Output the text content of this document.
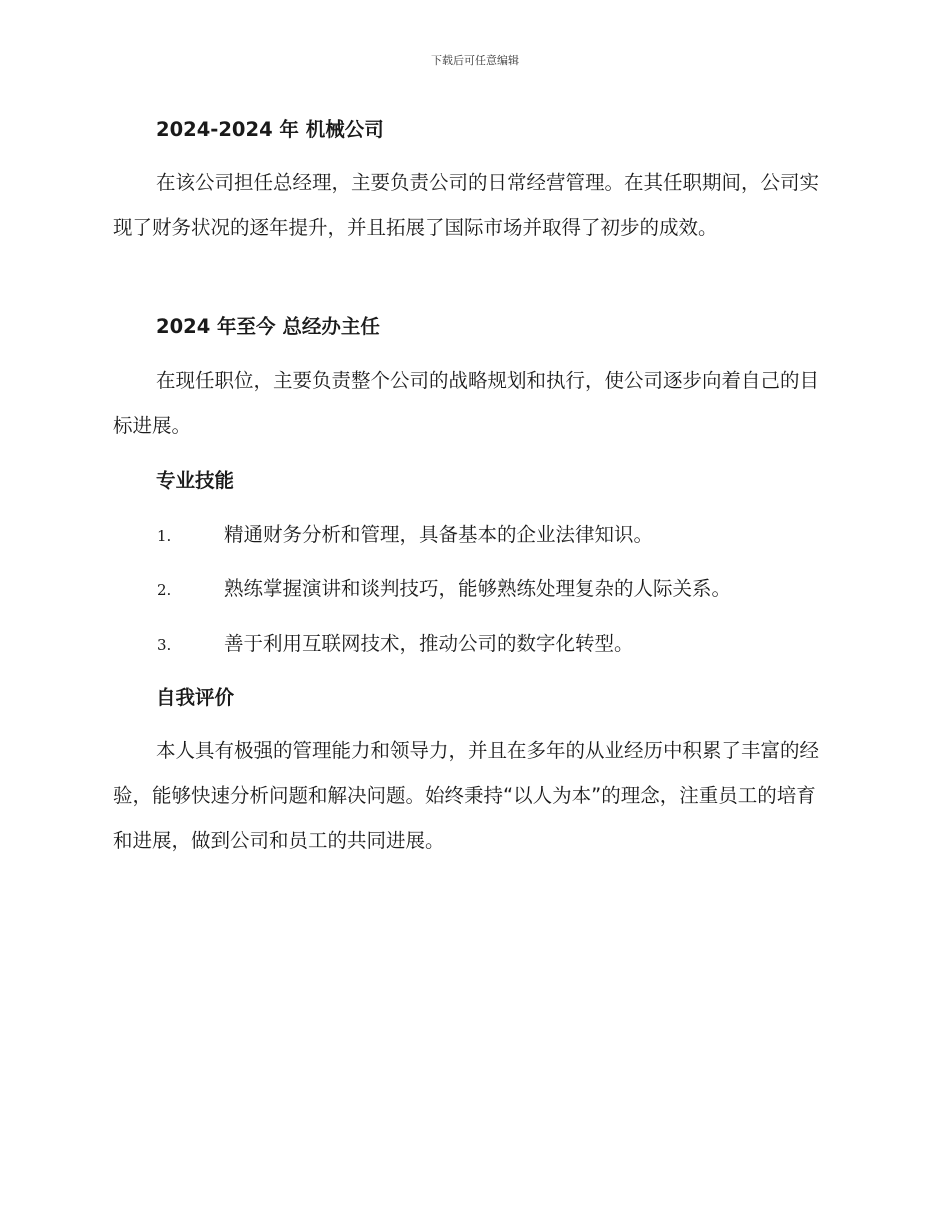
下载后可任意编辑
2024-2024 年 机械公司
在该公司担任总经理，主要负责公司的日常经营管理。在其任职期间，公司实现了财务状况的逐年提升，并且拓展了国际市场并取得了初步的成效。
2024 年至今 总经办主任
在现任职位，主要负责整个公司的战略规划和执行，使公司逐步向着自己的目标进展。
专业技能
1.	精通财务分析和管理，具备基本的企业法律知识。
2.	熟练掌握演讲和谈判技巧，能够熟练处理复杂的人际关系。
3.	善于利用互联网技术，推动公司的数字化转型。
自我评价
本人具有极强的管理能力和领导力，并且在多年的从业经历中积累了丰富的经验，能够快速分析问题和解决问题。始终秉持“以人为本”的理念，注重员工的培育和进展，做到公司和员工的共同进展。
